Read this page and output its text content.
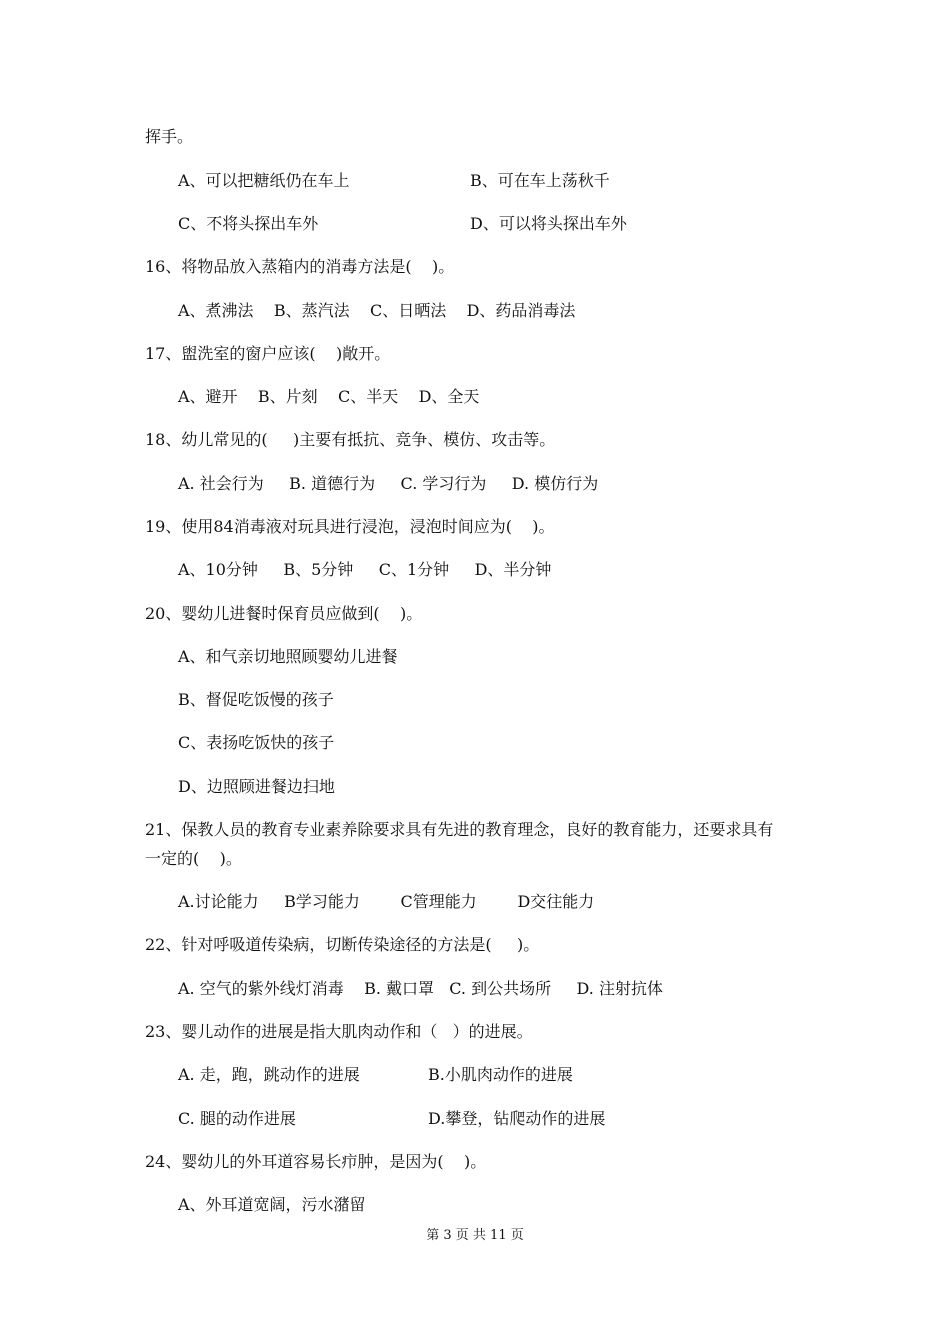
挥手。
A、可以把糖纸仍在车上	B、可在车上荡秋千
C、不将头探出车外	D、可以将头探出车外
16、将物品放入蒸箱内的消毒方法是(    )。
A、煮沸法    B、蒸汽法    C、日晒法    D、药品消毒法
17、盥洗室的窗户应该(    )敞开。
A、避开    B、片刻    C、半天    D、全天
18、幼儿常见的(     )主要有抵抗、竞争、模仿、攻击等。
A. 社会行为     B. 道德行为     C. 学习行为     D. 模仿行为
19、使用84消毒液对玩具进行浸泡，浸泡时间应为(    )。
A、10分钟     B、5分钟     C、1分钟     D、半分钟
20、婴幼儿进餐时保育员应做到(    )。
A、和气亲切地照顾婴幼儿进餐
B、督促吃饭慢的孩子
C、表扬吃饭快的孩子
D、边照顾进餐边扫地
21、保教人员的教育专业素养除要求具有先进的教育理念，良好的教育能力，还要求具有
一定的(    )。
A.讨论能力     B学习能力        C管理能力        D交往能力
22、针对呼吸道传染病，切断传染途径的方法是(     )。
A. 空气的紫外线灯消毒    B. 戴口罩   C. 到公共场所     D. 注射抗体
23、婴儿动作的进展是指大肌肉动作和（   ）的进展。
A. 走，跑，跳动作的进展	B.小肌肉动作的进展
C. 腿的动作进展	D.攀登，钻爬动作的进展
24、婴幼儿的外耳道容易长疖肿，是因为(    )。
A、外耳道宽阔，污水潴留
第 3 页 共 11 页
